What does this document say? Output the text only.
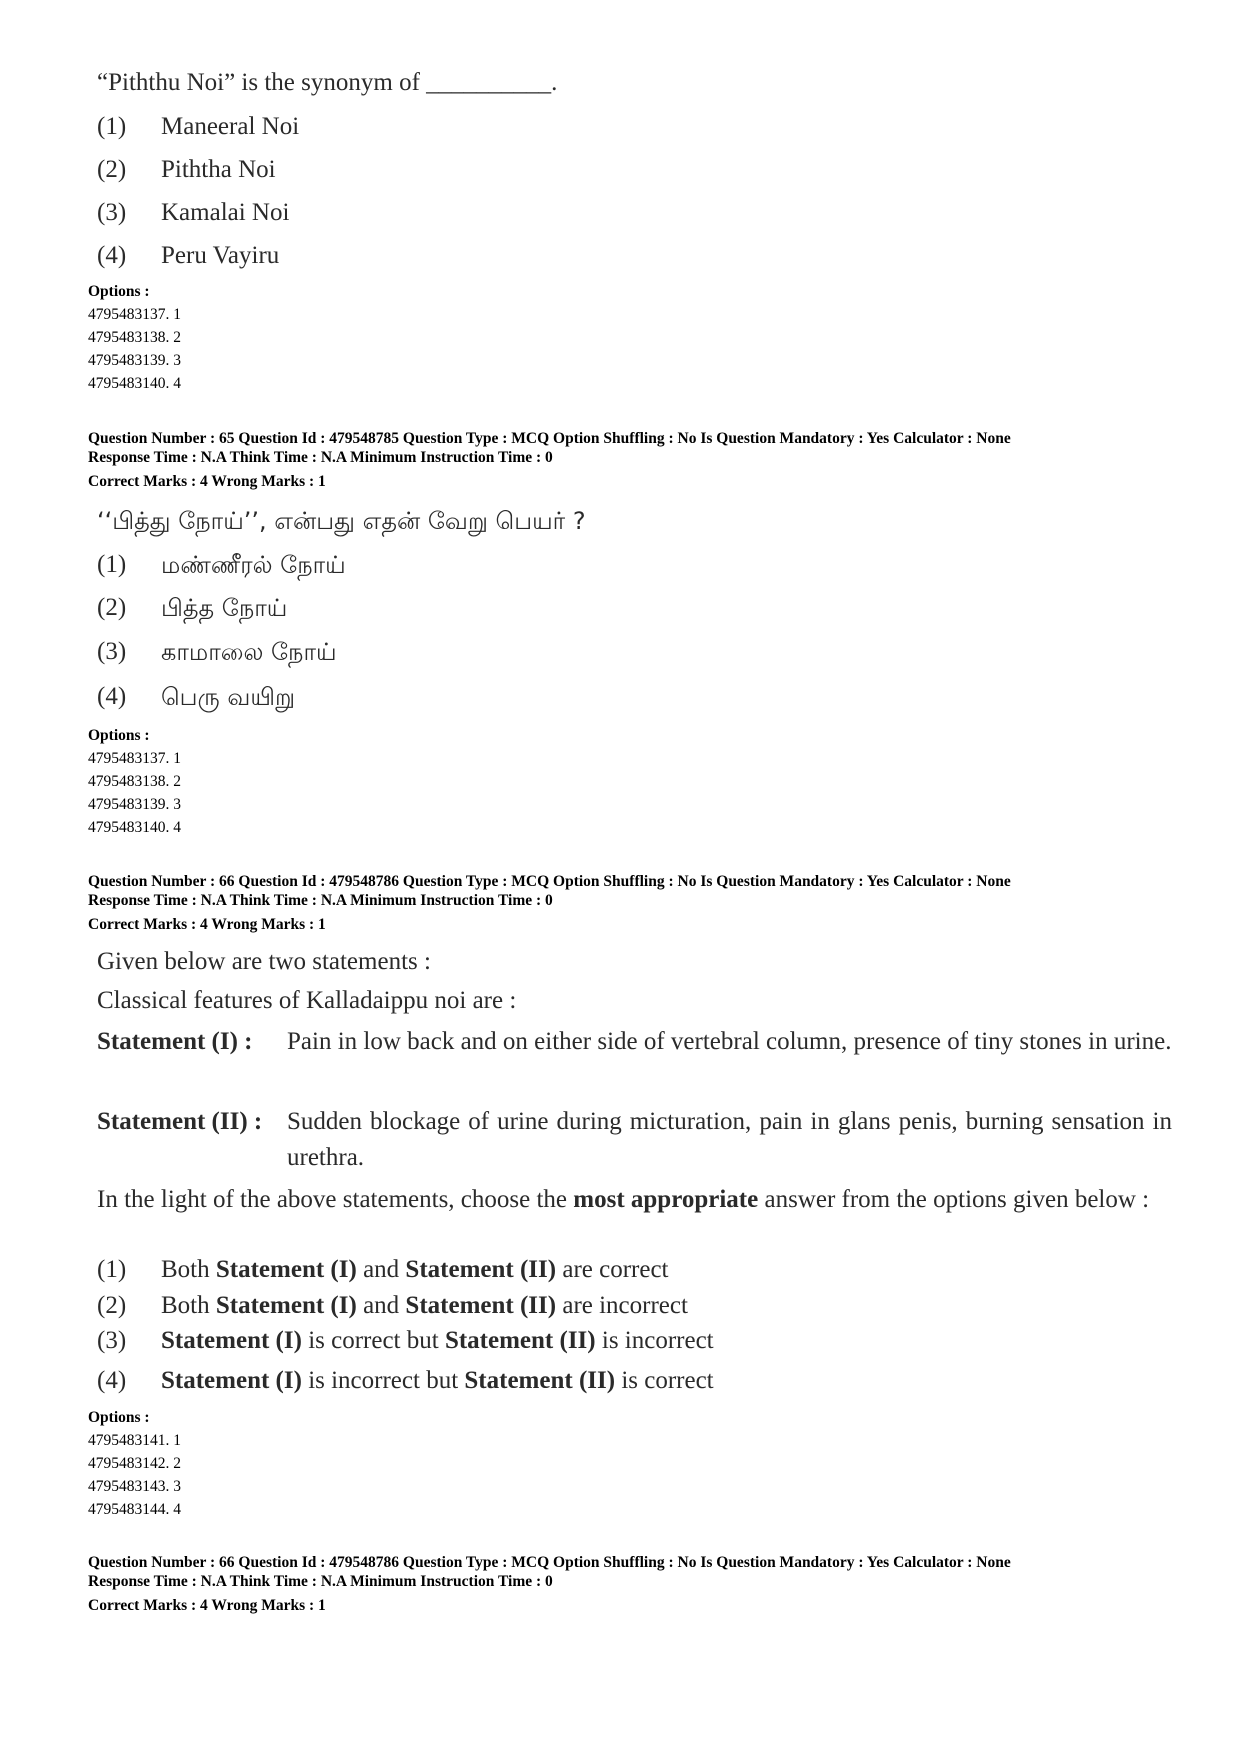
“Piththu Noi” is the synonym of __________.
(1) Maneeral Noi
(2) Piththa Noi
(3) Kamalai Noi
(4) Peru Vayiru
Options :
4795483137. 1
4795483138. 2
4795483139. 3
4795483140. 4
Question Number : 65 Question Id : 479548785 Question Type : MCQ Option Shuffling : No Is Question Mandatory : Yes Calculator : None
Response Time : N.A Think Time : N.A Minimum Instruction Time : 0
Correct Marks : 4 Wrong Marks : 1
‘‘பித்து நோய்’’, என்பது எதன் வேறு பெயர் ?
(1) மண்ணீரல் நோய்
(2) பித்த நோய்
(3) காமாலை நோய்
(4) பெரு வயிறு
Options :
4795483137. 1
4795483138. 2
4795483139. 3
4795483140. 4
Question Number : 66 Question Id : 479548786 Question Type : MCQ Option Shuffling : No Is Question Mandatory : Yes Calculator : None
Response Time : N.A Think Time : N.A Minimum Instruction Time : 0
Correct Marks : 4 Wrong Marks : 1
Given below are two statements :
Classical features of Kalladaippu noi are :
Statement (I) : Pain in low back and on either side of vertebral column, presence of tiny stones in urine.
Statement (II) : Sudden blockage of urine during micturation, pain in glans penis, burning sensation in urethra.
In the light of the above statements, choose the most appropriate answer from the options given below :
(1) Both Statement (I) and Statement (II) are correct
(2) Both Statement (I) and Statement (II) are incorrect
(3) Statement (I) is correct but Statement (II) is incorrect
(4) Statement (I) is incorrect but Statement (II) is correct
Options :
4795483141. 1
4795483142. 2
4795483143. 3
4795483144. 4
Question Number : 66 Question Id : 479548786 Question Type : MCQ Option Shuffling : No Is Question Mandatory : Yes Calculator : None
Response Time : N.A Think Time : N.A Minimum Instruction Time : 0
Correct Marks : 4 Wrong Marks : 1
